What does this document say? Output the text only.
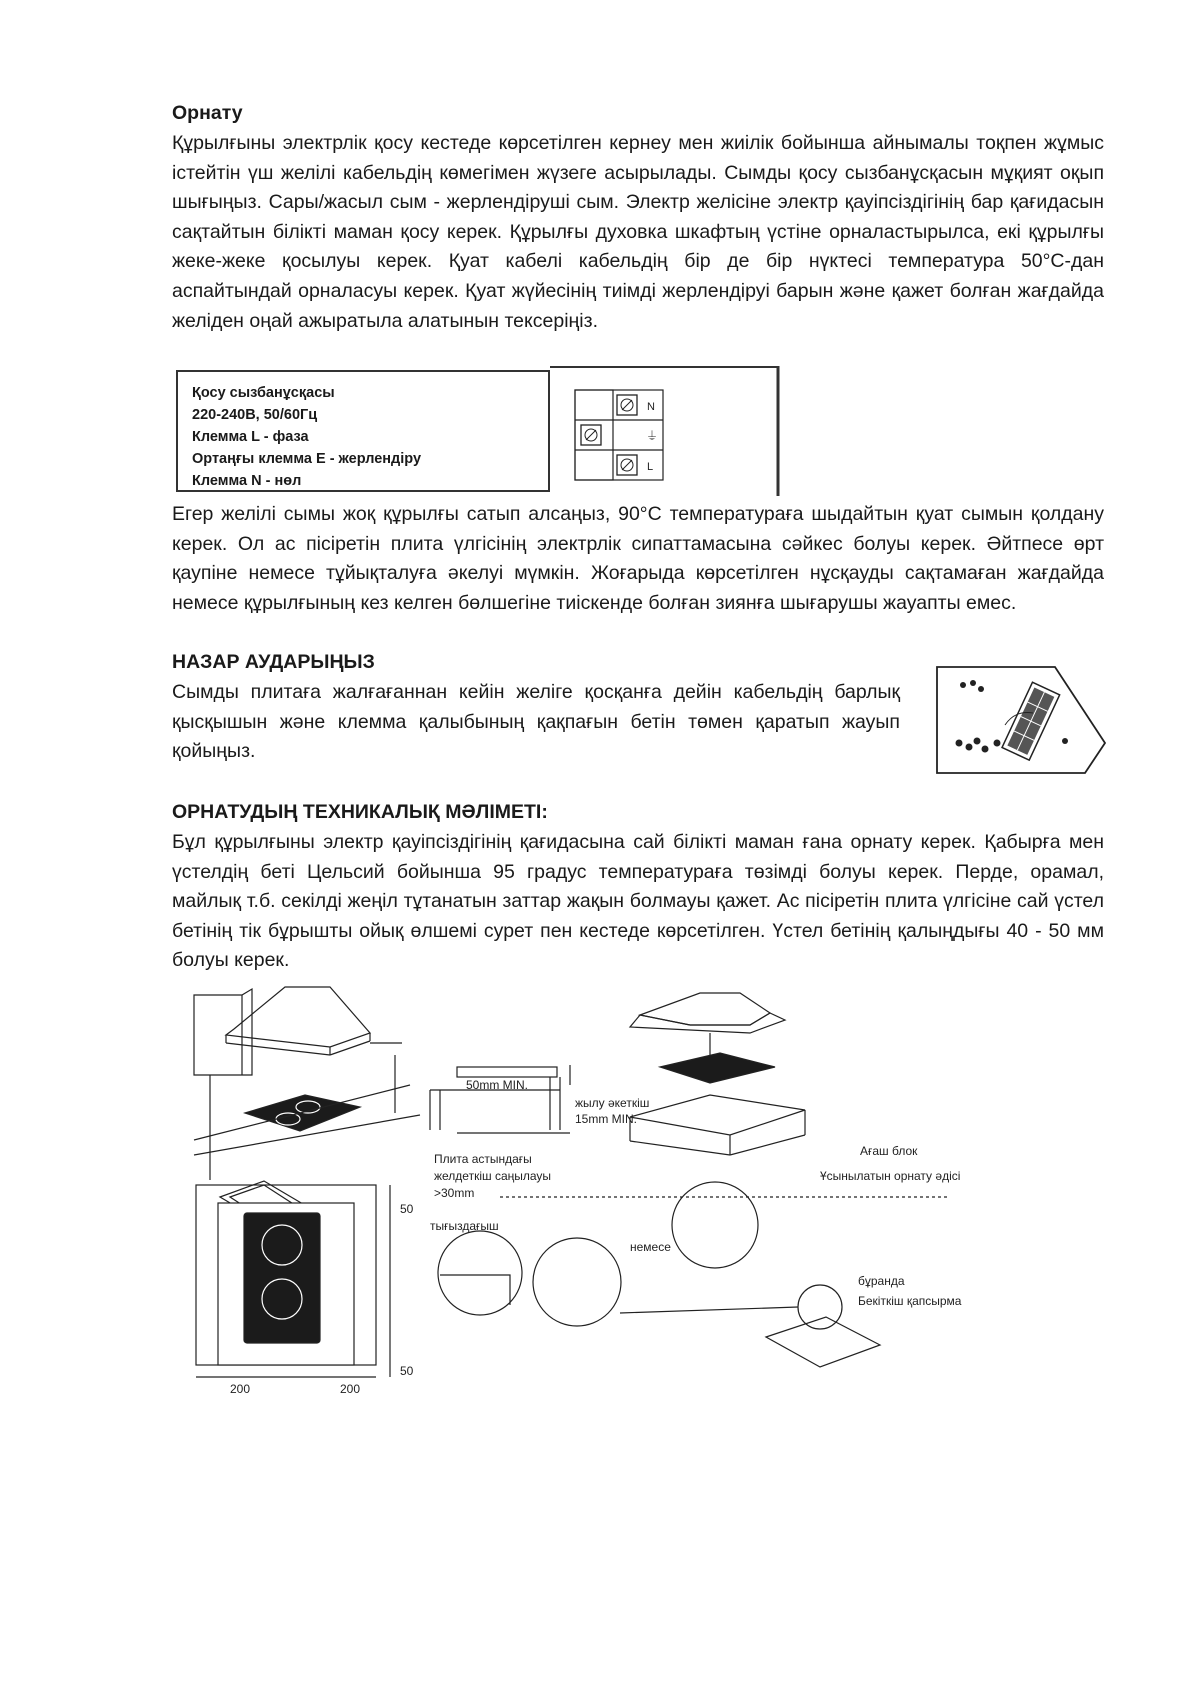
Орнату

Құрылғыны электрлік қосу кестеде көрсетілген кернеу мен жиілік бойынша айнымалы тоқпен жұмыс істейтін үш желілі кабельдің көмегімен жүзеге асырылады. Сымды қосу сызбанұсқасын мұқият оқып шығыңыз. Сары/жасыл сым - жерлендіруші сым. Электр желісіне электр қауіпсіздігінің бар қағидасын сақтайтын білікті маман қосу керек. Құрылғы духовка шкафтың үстіне орналастырылса, екі құрылғы жеке-жеке қосылуы керек. Қуат кабелі кабельдің бір де бір нүктесі температура 50°C-дан аспайтындай орналасуы керек. Қуат жүйесінің тиімді жерлендіруі барын және қажет болған жағдайда желіден оңай ажыратыла алатынын тексеріңіз.

Қосу сызбанұсқасы
220-240В, 50/60Гц
Клемма L - фаза
Ортаңғы клемма E - жерлендіру
Клемма N - нөл
N
⏚
L

Егер желілі сымы жоқ құрылғы сатып алсаңыз, 90°C температураға шыдайтын қуат сымын қолдану керек. Ол ас пісіретін плита үлгісінің электрлік сипаттамасына сәйкес болуы керек. Әйтпесе өрт қаупіне немесе тұйықталуға әкелуі мүмкін. Жоғарыда көрсетілген нұсқауды сақтамаған жағдайда немесе құрылғының кез келген бөлшегіне тиіскенде болған зиянға шығарушы жауапты емес.

НАЗАР АУДАРЫҢЫЗ

Сымды плитаға жалғағаннан кейін желіге қосқанға дейін кабельдің барлық қысқышын және клемма қалыбының қақпағын бетін төмен қаратып жауып қойыңыз.

ОРНАТУДЫҢ ТЕХНИКАЛЫҚ МӘЛІМЕТІ:

Бұл құрылғыны электр қауіпсіздігінің қағидасына сай білікті маман ғана орнату керек. Қабырға мен үстелдің беті Цельсий бойынша 95 градус температураға төзімді болуы керек. Перде, орамал, майлық т.б. секілді жеңіл тұтанатын заттар жақын болмауы қажет. Ас пісіретін плита үлгісіне сай үстел бетінің тік бұрышты ойық өлшемі сурет пен кестеде көрсетілген. Үстел бетінің қалыңдығы 40 - 50 мм болуы керек.

50mm MIN.
жылу әкеткіш
15mm MIN.
Плита астындағы
желдеткіш саңылауы
>30mm
Ағаш блок
Ұсынылатын орнату әдісі
тығыздағыш
немесе
бұранда
Бекіткіш қапсырма
50
50
200	200
